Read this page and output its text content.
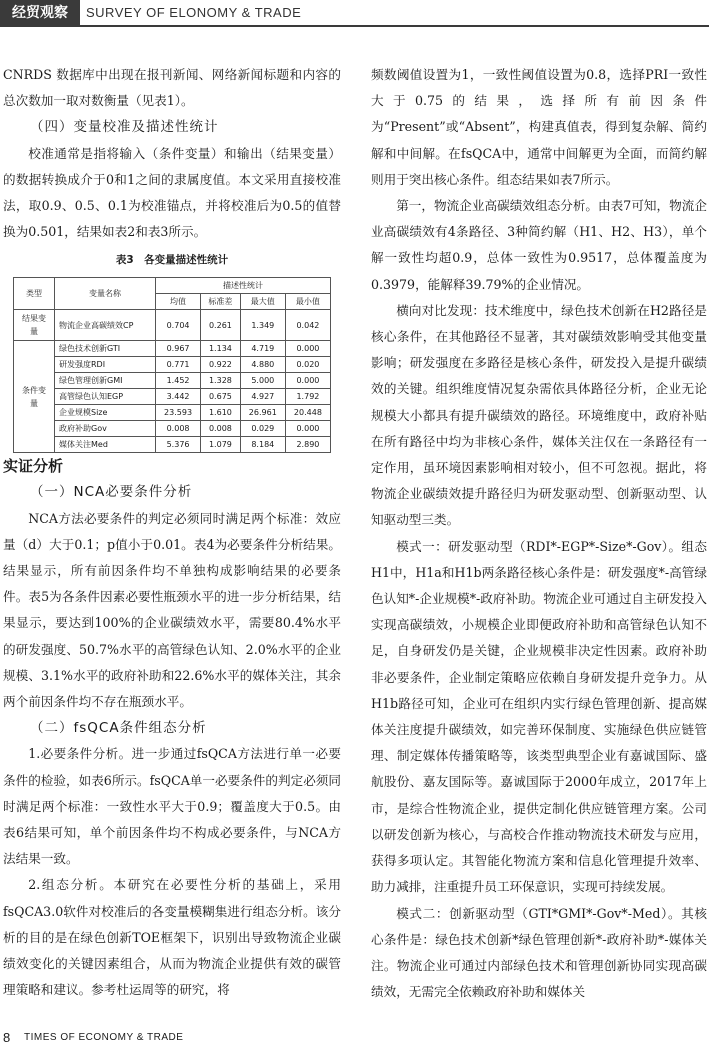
经贸观察	SURVEY OF ELONOMY & TRADE

CNRDS 数据库中出现在报刊新闻、网络新闻标题和内容的总次数加一取对数衡量（见表1）。

（四）变量校准及描述性统计

校准通常是指将输入（条件变量）和输出（结果变量）的数据转换成介于0和1之间的隶属度值。本文采用直接校准法，取0.9、0.5、0.1为校准锚点，并将校准后为0.5的值替换为0.501，结果如表2和表3所示。

表3　各变量描述性统计
类型	变量名称	描述性统计			
		均值	标准差	最大值	最小值
结果变量	物流企业高碳绩效CP	0.704	0.261	1.349	0.042
条件变量	绿色技术创新GTI	0.967	1.134	4.719	0.000
	研发强度RDI	0.771	0.922	4.880	0.020
	绿色管理创新GMI	1.452	1.328	5.000	0.000
	高管绿色认知EGP	3.442	0.675	4.927	1.792
	企业规模Size	23.593	1.610	26.961	20.448
	政府补助Gov	0.008	0.008	0.029	0.000
	媒体关注Med	5.376	1.079	8.184	2.890

实证分析

（一）NCA必要条件分析

NCA方法必要条件的判定必须同时满足两个标准：效应量（d）大于0.1；p值小于0.01。表4为必要条件分析结果。结果显示，所有前因条件均不单独构成影响结果的必要条件。表5为各条件因素必要性瓶颈水平的进一步分析结果，结果显示，要达到100%的企业碳绩效水平，需要80.4%水平的研发强度、50.7%水平的高管绿色认知、2.0%水平的企业规模、3.1%水平的政府补助和22.6%水平的媒体关注，其余两个前因条件均不存在瓶颈水平。

（二）fsQCA条件组态分析

1.必要条件分析。进一步通过fsQCA方法进行单一必要条件的检验，如表6所示。fsQCA单一必要条件的判定必须同时满足两个标准：一致性水平大于0.9；覆盖度大于0.5。由表6结果可知，单个前因条件均不构成必要条件，与NCA方法结果一致。

2.组态分析。本研究在必要性分析的基础上，采用fsQCA3.0软件对校准后的各变量模糊集进行组态分析。该分析的目的是在绿色创新TOE框架下，识别出导致物流企业碳绩效变化的关键因素组合，从而为物流企业提供有效的碳管理策略和建议。参考杜运周等的研究，将

频数阈值设置为1，一致性阈值设置为0.8，选择PRI一致性大于0.75的结果，选择所有前因条件为“Present”或“Absent”，构建真值表，得到复杂解、简约解和中间解。在fsQCA中，通常中间解更为全面，而简约解则用于突出核心条件。组态结果如表7所示。

第一，物流企业高碳绩效组态分析。由表7可知，物流企业高碳绩效有4条路径、3种简约解（H1、H2、H3），单个解一致性均超0.9，总体一致性为0.9517，总体覆盖度为0.3979，能解释39.79%的企业情况。

横向对比发现：技术维度中，绿色技术创新在H2路径是核心条件，在其他路径不显著，其对碳绩效影响受其他变量影响；研发强度在多路径是核心条件，研发投入是提升碳绩效的关键。组织维度情况复杂需依具体路径分析，企业无论规模大小都具有提升碳绩效的路径。环境维度中，政府补贴在所有路径中均为非核心条件，媒体关注仅在一条路径有一定作用，虽环境因素影响相对较小，但不可忽视。据此，将物流企业碳绩效提升路径归为研发驱动型、创新驱动型、认知驱动型三类。

模式一：研发驱动型（RDI*-EGP*-Size*-Gov）。组态H1中，H1a和H1b两条路径核心条件是：研发强度*-高管绿色认知*-企业规模*-政府补助。物流企业可通过自主研发投入实现高碳绩效，小规模企业即便政府补助和高管绿色认知不足，自身研发仍是关键，企业规模非决定性因素。政府补助非必要条件，企业制定策略应依赖自身研发提升竞争力。从H1b路径可知，企业可在组织内实行绿色管理创新、提高媒体关注度提升碳绩效，如完善环保制度、实施绿色供应链管理、制定媒体传播策略等，该类型典型企业有嘉诚国际、盛航股份、嘉友国际等。嘉诚国际于2000年成立，2017年上市，是综合性物流企业，提供定制化供应链管理方案。公司以研发创新为核心，与高校合作推动物流技术研发与应用，获得多项认定。其智能化物流方案和信息化管理提升效率、助力减排，注重提升员工环保意识，实现可持续发展。

模式二：创新驱动型（GTI*GMI*-Gov*-Med）。其核心条件是：绿色技术创新*绿色管理创新*-政府补助*-媒体关注。物流企业可通过内部绿色技术和管理创新协同实现高碳绩效，无需完全依赖政府补助和媒体关

8 TIMES OF ECONOMY & TRADE
